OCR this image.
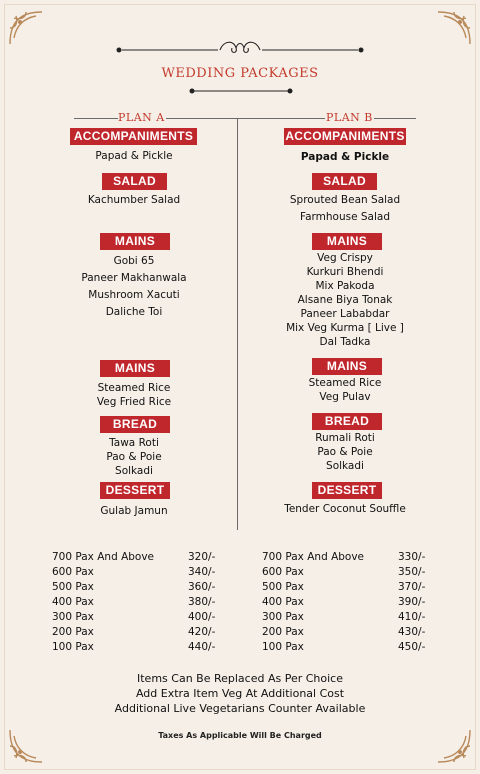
WEDDING PACKAGES
PLAN A	PLAN B
ACCOMPANIMENTS
Papad & Pickle
SALAD
Kachumber Salad
MAINS
Gobi 65
Paneer Makhanwala
Mushroom Xacuti
Daliche Toi
MAINS
Steamed Rice
Veg Fried Rice
BREAD
Tawa Roti
Pao & Poie
Solkadi
DESSERT
Gulab Jamun
ACCOMPANIMENTS
Papad & Pickle
SALAD
Sprouted Bean Salad
Farmhouse Salad
MAINS
Veg Crispy
Kurkuri Bhendi
Mix Pakoda
Alsane Biya Tonak
Paneer Lababdar
Mix Veg Kurma [ Live ]
Dal Tadka
MAINS
Steamed Rice
Veg Pulav
BREAD
Rumali Roti
Pao & Poie
Solkadi
DESSERT
Tender Coconut Souffle
700 Pax And Above	320/-
600 Pax	340/-
500 Pax	360/-
400 Pax	380/-
300 Pax	400/-
200 Pax	420/-
100 Pax	440/-
700 Pax And Above	330/-
600 Pax	350/-
500 Pax	370/-
400 Pax	390/-
300 Pax	410/-
200 Pax	430/-
100 Pax	450/-
Items Can Be Replaced As Per Choice
Add Extra Item Veg At Additional Cost
Additional Live Vegetarians Counter Available
Taxes As Applicable Will Be Charged
